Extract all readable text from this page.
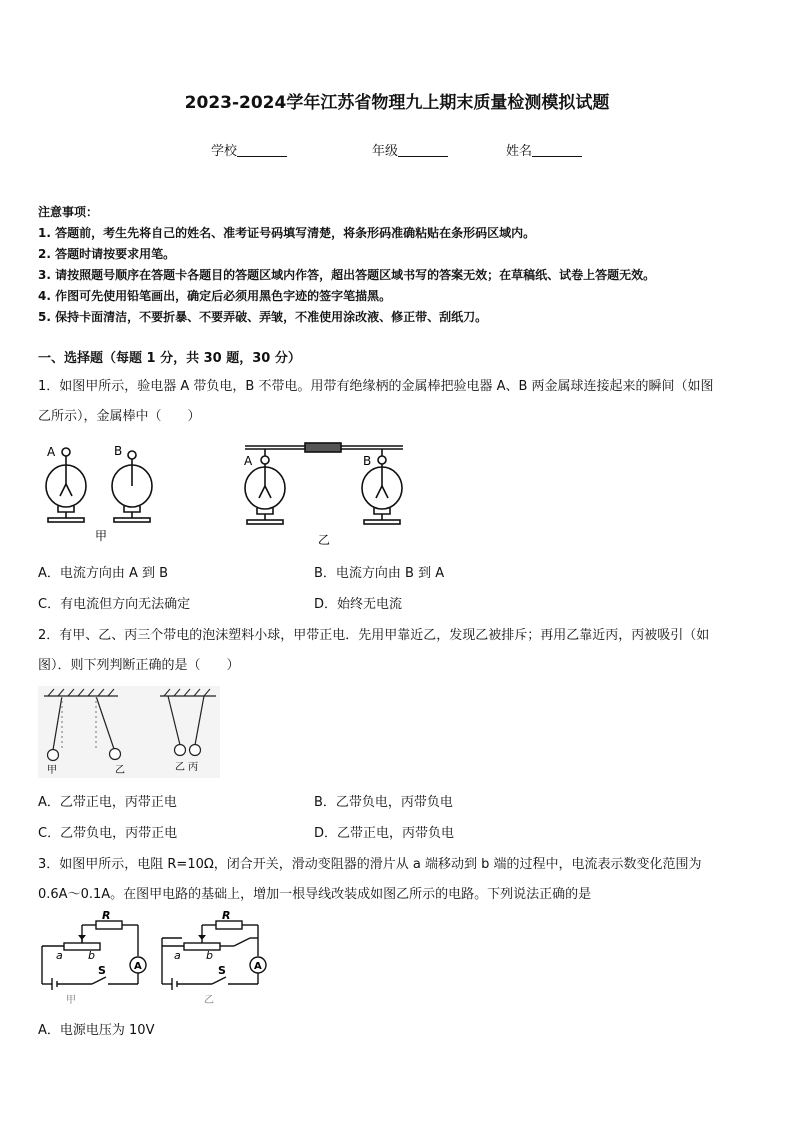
2023-2024学年江苏省物理九上期末质量检测模拟试题
学校	年级	姓名
注意事项：
1. 答题前，考生先将自己的姓名、准考证号码填写清楚，将条形码准确粘贴在条形码区域内。
2. 答题时请按要求用笔。
3. 请按照题号顺序在答题卡各题目的答题区域内作答，超出答题区域书写的答案无效；在草稿纸、试卷上答题无效。
4. 作图可先使用铅笔画出，确定后必须用黑色字迹的签字笔描黑。
5. 保持卡面清洁，不要折暴、不要弄破、弄皱，不准使用涂改液、修正带、刮纸刀。
一、选择题（每题 1 分，共 30 题，30 分）
1．如图甲所示，验电器 A 带负电，B 不带电。用带有绝缘柄的金属棒把验电器 A、B 两金属球连接起来的瞬间（如图
乙所示），金属棒中（　　）
A	B
A	B
甲	乙
A．电流方向由 A 到 B	B．电流方向由 B 到 A
C．有电流但方向无法确定	D．始终无电流
2．有甲、乙、丙三个带电的泡沫塑料小球，甲带正电．先用甲靠近乙，发现乙被排斥；再用乙靠近丙，丙被吸引（如
图）．则下列判断正确的是（　　）
甲	乙	乙 丙
A．乙带正电，丙带正电	B．乙带负电，丙带负电
C．乙带负电，丙带正电	D．乙带正电，丙带负电
3．如图甲所示，电阻 R=10Ω，闭合开关，滑动变阻器的滑片从 a 端移动到 b 端的过程中，电流表示数变化范围为
0.6A～0.1A。在图甲电路的基础上，增加一根导线改装成如图乙所示的电路。下列说法正确的是
R
a b
A
S
甲
R
a b
A
S
乙
A．电源电压为 10V
